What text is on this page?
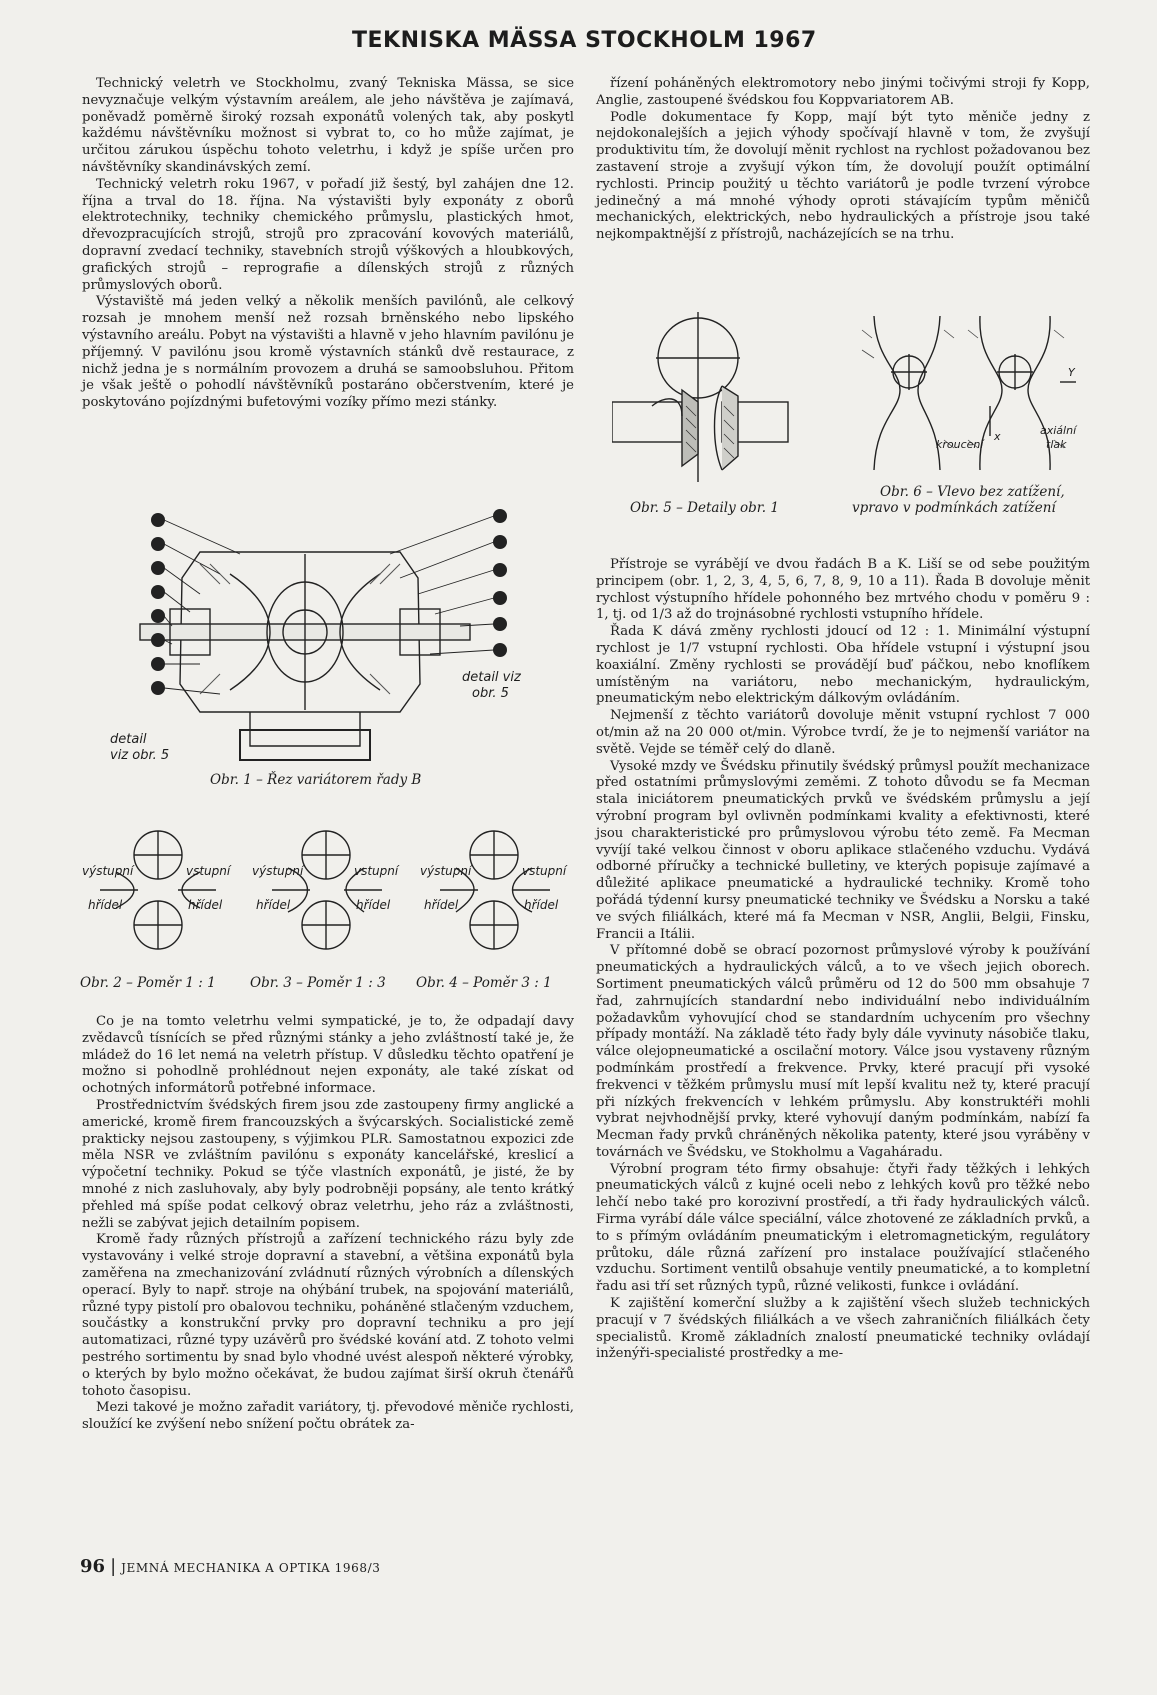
TEKNISKA MÄSSA STOCKHOLM 1967

Technický veletrh ve Stockholmu, zvaný Tekniska Mässa, se sice nevyznačuje velkým výstavním areálem, ale jeho návštěva je zajímavá, poněvadž poměrně široký rozsah exponátů volených tak, aby poskytl každému návštěvníku možnost si vybrat to, co ho může zajímat, je určitou zárukou úspěchu tohoto veletrhu, i když je spíše určen pro návštěvníky skandinávských zemí.

Technický veletrh roku 1967, v pořadí již šestý, byl zahájen dne 12. října a trval do 18. října. Na výstavišti byly exponáty z oborů elektrotechniky, techniky chemického průmyslu, plastických hmot, dřevozpracujících strojů, strojů pro zpracování kovových materiálů, dopravní zvedací techniky, stavebních strojů výškových a hloubkových, grafických strojů – reprografie a dílenských strojů z různých průmyslových oborů.

Výstaviště má jeden velký a několik menších pavilónů, ale celkový rozsah je mnohem menší než rozsah brněnského nebo lipského výstavního areálu. Pobyt na výstavišti a hlavně v jeho hlavním pavilónu je příjemný. V pavilónu jsou kromě výstavních stánků dvě restaurace, z nichž jedna je s normálním provozem a druhá se samoobsluhou. Přitom je však ještě o pohodlí návštěvníků postaráno občerstvením, které je poskytováno pojízdnými bufetovými vozíky přímo mezi stánky.

Co je na tomto veletrhu velmi sympatické, je to, že odpadají davy zvědavců tísnících se před různými stánky a jeho zvláštností také je, že mládež do 16 let nemá na veletrh přístup. V důsledku těchto opatření je možno si pohodlně prohlédnout nejen exponáty, ale také získat od ochotných informátorů potřebné informace.

Prostřednictvím švédských firem jsou zde zastoupeny firmy anglické a americké, kromě firem francouzských a švýcarských. Socialistické země prakticky nejsou zastoupeny, s výjimkou PLR. Samostatnou expozici zde měla NSR ve zvláštním pavilónu s exponáty kancelářské, kreslicí a výpočetní techniky. Pokud se týče vlastních exponátů, je jisté, že by mnohé z nich zasluhovaly, aby byly podrobněji popsány, ale tento krátký přehled má spíše podat celkový obraz veletrhu, jeho ráz a zvláštnosti, nežli se zabývat jejich detailním popisem.

Kromě řady různých přístrojů a zařízení technického rázu byly zde vystavovány i velké stroje dopravní a stavební, a většina exponátů byla zaměřena na zmechanizování zvládnutí různých výrobních a dílenských operací. Byly to např. stroje na ohýbání trubek, na spojování materiálů, různé typy pistolí pro obalovou techniku, poháněné stlačeným vzduchem, součástky a konstrukční prvky pro dopravní techniku a pro její automatizaci, různé typy uzávěrů pro švédské kování atd. Z tohoto velmi pestrého sortimentu by snad bylo vhodné uvést alespoň některé výrobky, o kterých by bylo možno očekávat, že budou zajímat širší okruh čtenářů tohoto časopisu.

Mezi takové je možno zařadit variátory, tj. převodové měniče rychlosti, sloužící ke zvýšení nebo snížení počtu obrátek za-

řízení poháněných elektromotory nebo jinými točivými stroji fy Kopp, Anglie, zastoupené švédskou fou Koppvariatorem AB.

Podle dokumentace fy Kopp, mají být tyto měniče jedny z nejdokonalejších a jejich výhody spočívají hlavně v tom, že zvyšují produktivitu tím, že dovolují měnit rychlost na rychlost požadovanou bez zastavení stroje a zvyšují výkon tím, že dovolují použít optimální rychlosti. Princip použitý u těchto variátorů je podle tvrzení výrobce jedinečný a má mnohé výhody oproti stávajícím typům měničů mechanických, elektrických, nebo hydraulických a přístroje jsou také nejkompaktnější z přístrojů, nacházejících se na trhu.

Přístroje se vyrábějí ve dvou řadách B a K. Liší se od sebe použitým principem (obr. 1, 2, 3, 4, 5, 6, 7, 8, 9, 10 a 11). Řada B dovoluje měnit rychlost výstupního hřídele pohonného bez mrtvého chodu v poměru 9 : 1, tj. od 1/3 až do trojnásobné rychlosti vstupního hřídele.

Řada K dává změny rychlosti jdoucí od 12 : 1. Minimální výstupní rychlost je 1/7 vstupní rychlosti. Oba hřídele vstupní i výstupní jsou koaxiální. Změny rychlosti se provádějí buď páčkou, nebo knoflíkem umístěným na variátoru, nebo mechanickým, hydraulickým, pneumatickým nebo elektrickým dálkovým ovládáním.

Nejmenší z těchto variátorů dovoluje měnit vstupní rychlost 7 000 ot/min až na 20 000 ot/min. Výrobce tvrdí, že je to nejmenší variátor na světě. Vejde se téměř celý do dlaně.

Vysoké mzdy ve Švédsku přinutily švédský průmysl použít mechanizace před ostatními průmyslovými zeměmi. Z tohoto důvodu se fa Mecman stala iniciátorem pneumatických prvků ve švédském průmyslu a její výrobní program byl ovlivněn podmínkami kvality a efektivnosti, které jsou charakteristické pro průmyslovou výrobu této země. Fa Mecman vyvíjí také velkou činnost v oboru aplikace stlačeného vzduchu. Vydává odborné příručky a technické bulletiny, ve kterých popisuje zajímavé a důležité aplikace pneumatické a hydraulické techniky. Kromě toho pořádá týdenní kursy pneumatické techniky ve Švédsku a Norsku a také ve svých filiálkách, které má fa Mecman v NSR, Anglii, Belgii, Finsku, Francii a Itálii.

V přítomné době se obrací pozornost průmyslové výroby k používání pneumatických a hydraulických válců, a to ve všech jejich oborech. Sortiment pneumatických válců průměru od 12 do 500 mm obsahuje 7 řad, zahrnujících standardní nebo individuální nebo individuálním požadavkům vyhovující chod se standardním uchycením pro všechny případy montáží. Na základě této řady byly dále vyvinuty násobiče tlaku, válce olejopneumatické a oscilační motory. Válce jsou vystaveny různým podmínkám prostředí a frekvence. Prvky, které pracují při vysoké frekvenci v těžkém průmyslu musí mít lepší kvalitu než ty, které pracují při nízkých frekvencích v lehkém průmyslu. Aby konstruktéři mohli vybrat nejvhodnější prvky, které vyhovují daným podmínkám, nabízí fa Mecman řady prvků chráněných několika patenty, které jsou vyráběny v továrnách ve Švédsku, ve Stokholmu a Vagaháradu.

Výrobní program této firmy obsahuje: čtyři řady těžkých i lehkých pneumatických válců z kujné oceli nebo z lehkých kovů pro těžké nebo lehčí nebo také pro korozivní prostředí, a tři řady hydraulických válců. Firma vyrábí dále válce speciální, válce zhotovené ze základních prvků, a to s přímým ovládáním pneumatickým i eletromagnetickým, regulátory průtoku, dále různá zařízení pro instalace používající stlačeného vzduchu. Sortiment ventilů obsahuje ventily pneumatické, a to kompletní řadu asi tří set různých typů, různé velikosti, funkce i ovládání.

K zajištění komerční služby a k zajištění všech služeb technických pracují v 7 švédských filiálkách a ve všech zahraničních filiálkách čety specialistů. Kromě základních znalostí pneumatické techniky ovládají inženýři-specialisté prostředky a me-

detail viz
obr. 5
detail
viz obr. 5
Obr. 1 – Řez variátorem řady B
výstupní
hřídel
vstupní
hřídel
výstupní
hřídel
vstupní
hřídel
výstupní
hřídel
vstupní
hřídel
Obr. 2 – Poměr 1 : 1	Obr. 3 – Poměr 1 : 3 Obr. 4 – Poměr 3 : 1
Obr. 5 – Detaily obr. 1
x
Y
kroucení
axiální
tlak
Obr. 6 – Vlevo bez zatížení,
vpravo v podmínkách zatížení
96 | JEMNÁ MECHANIKA A OPTIKA 1968/3
